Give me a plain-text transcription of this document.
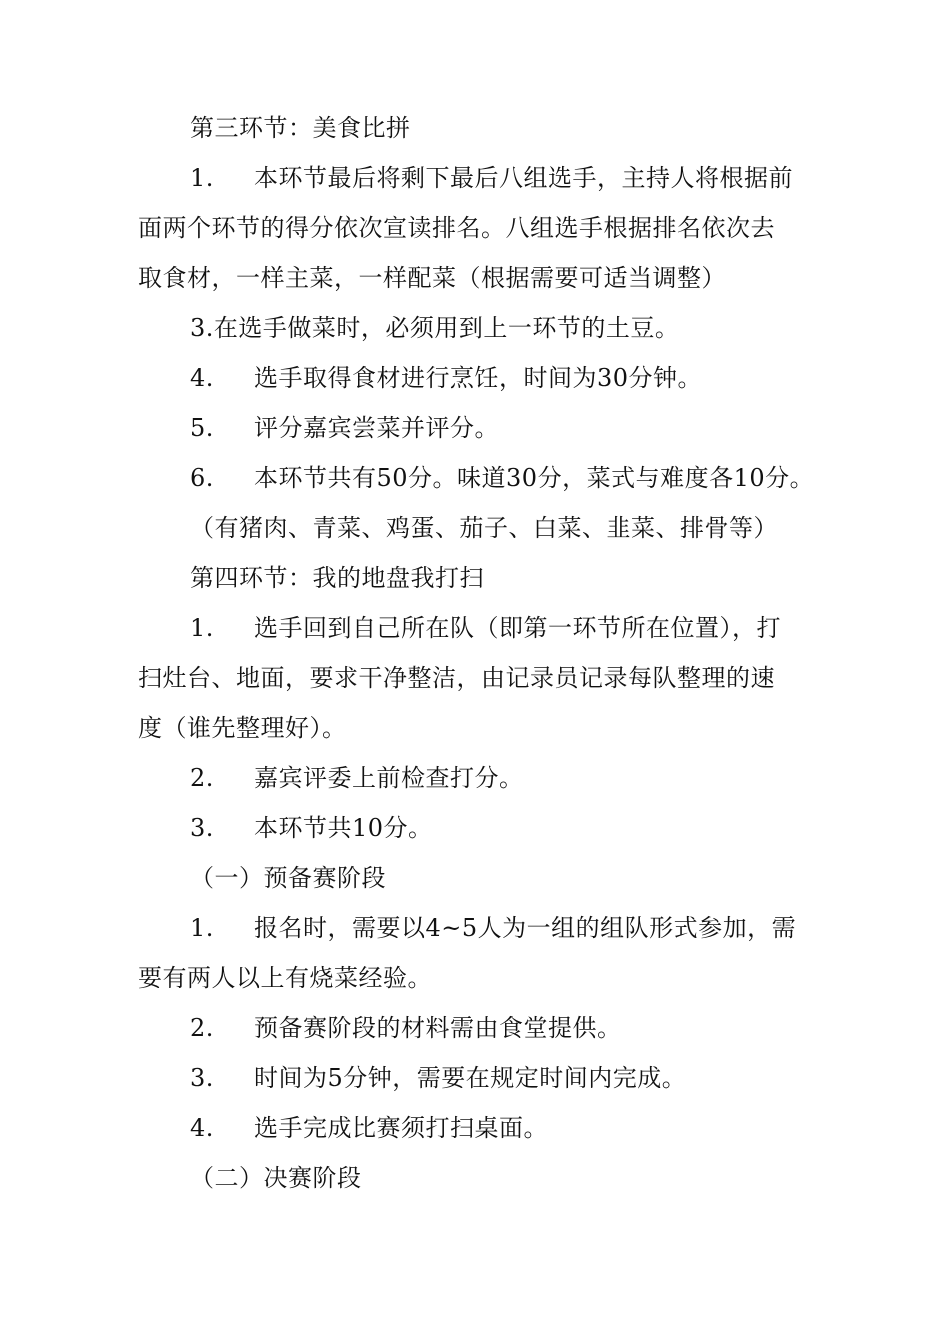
第三环节：美食比拼
1. 本环节最后将剩下最后八组选手，主持人将根据前
面两个环节的得分依次宣读排名。八组选手根据排名依次去
取食材，一样主菜，一样配菜（根据需要可适当调整）
3.在选手做菜时，必须用到上一环节的土豆。
4. 选手取得食材进行烹饪，时间为30分钟。
5. 评分嘉宾尝菜并评分。
6. 本环节共有50分。味道30分，菜式与难度各10分。
（有猪肉、青菜、鸡蛋、茄子、白菜、韭菜、排骨等）
第四环节：我的地盘我打扫
1. 选手回到自己所在队（即第一环节所在位置），打
扫灶台、地面，要求干净整洁，由记录员记录每队整理的速
度（谁先整理好）。
2. 嘉宾评委上前检查打分。
3. 本环节共10分。
（一）预备赛阶段
1. 报名时，需要以4~5人为一组的组队形式参加，需
要有两人以上有烧菜经验。
2. 预备赛阶段的材料需由食堂提供。
3. 时间为5分钟，需要在规定时间内完成。
4. 选手完成比赛须打扫桌面。
（二）决赛阶段
